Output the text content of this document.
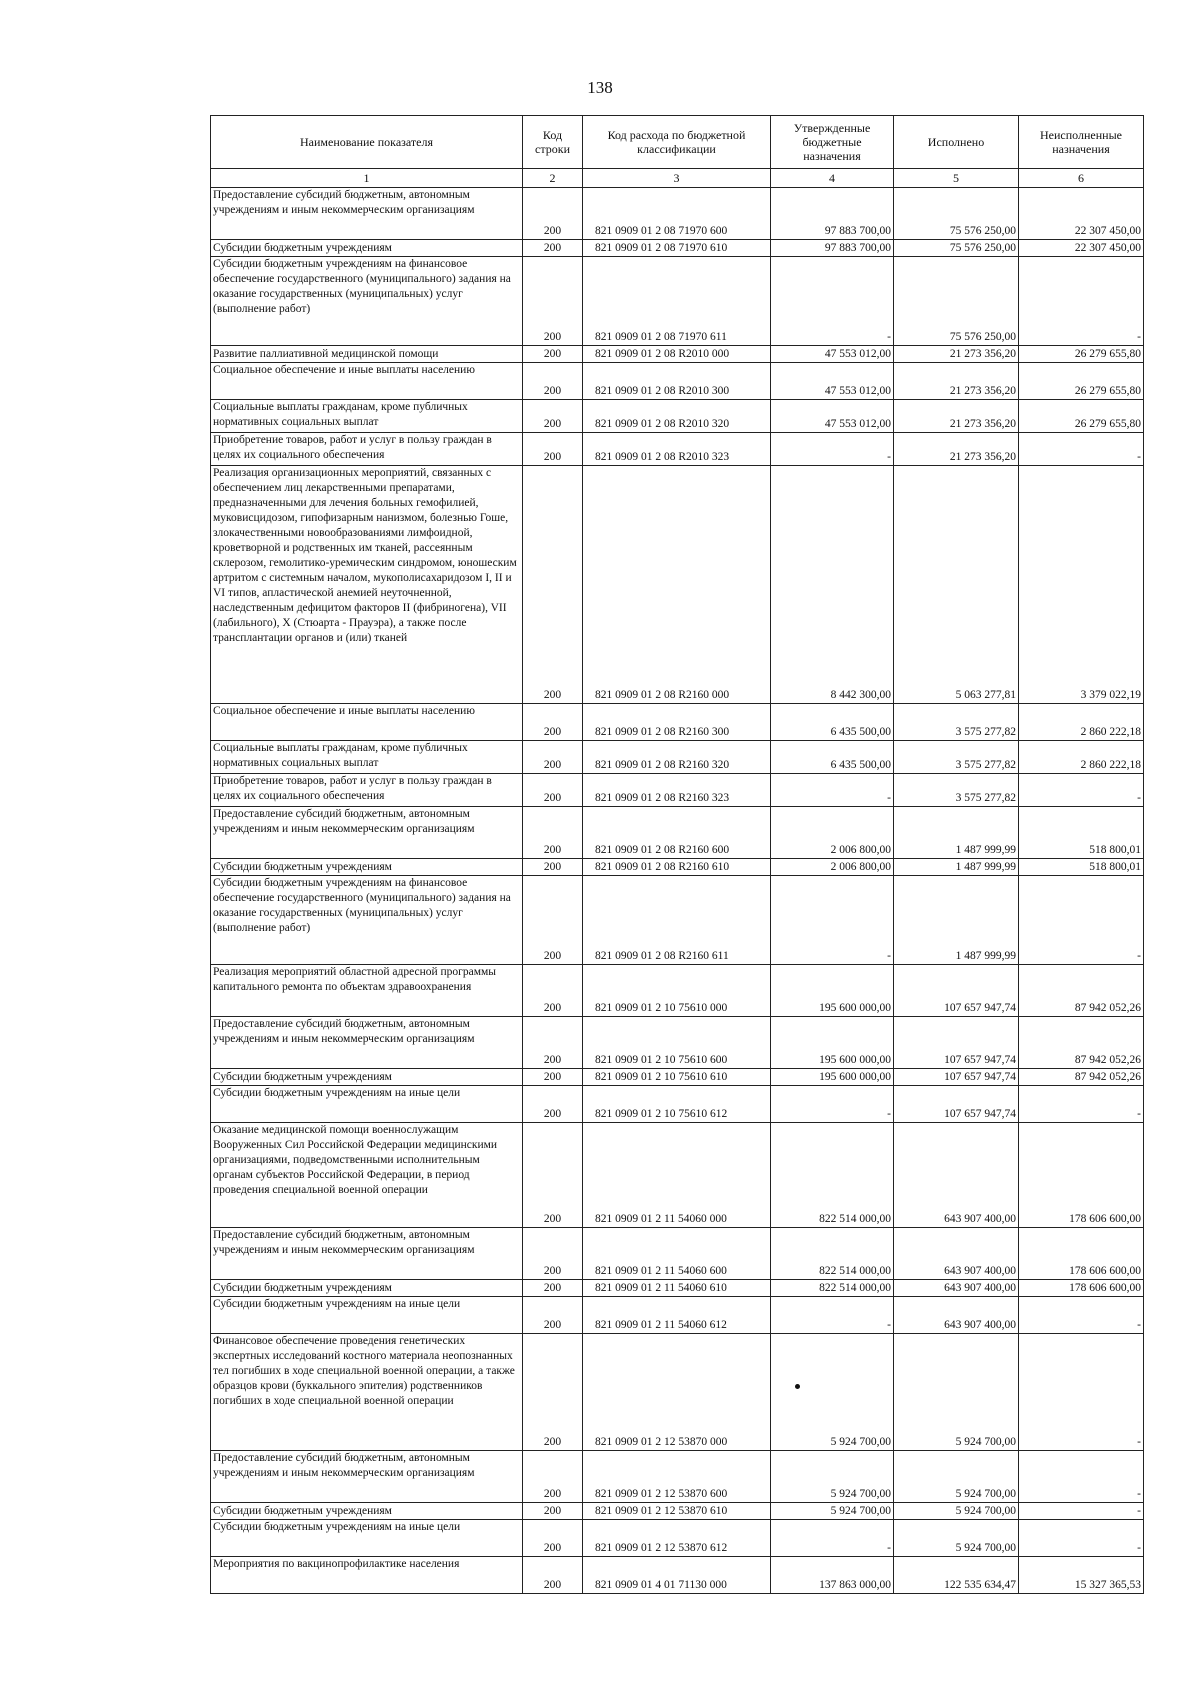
138
Наименование показателя	Код строки	Код расхода по бюджетной классификации	Утвержденные бюджетные назначения	Исполнено	Неисполненные назначения
1	2	3	4	5	6
Предоставление субсидий бюджетным, автономным учреждениям и иным некоммерческим организациям	200	821 0909 01 2 08 71970 600	97 883 700,00	75 576 250,00	22 307 450,00
Субсидии бюджетным учреждениям	200	821 0909 01 2 08 71970 610	97 883 700,00	75 576 250,00	22 307 450,00
Субсидии бюджетным учреждениям на финансовое обеспечение государственного (муниципального) задания на оказание государственных (муниципальных) услуг (выполнение работ)	200	821 0909 01 2 08 71970 611	-	75 576 250,00	-
Развитие паллиативной медицинской помощи	200	821 0909 01 2 08 R2010 000	47 553 012,00	21 273 356,20	26 279 655,80
Социальное обеспечение и иные выплаты населению	200	821 0909 01 2 08 R2010 300	47 553 012,00	21 273 356,20	26 279 655,80
Социальные выплаты гражданам, кроме публичных нормативных социальных выплат	200	821 0909 01 2 08 R2010 320	47 553 012,00	21 273 356,20	26 279 655,80
Приобретение товаров, работ и услуг в пользу граждан в целях их социального обеспечения	200	821 0909 01 2 08 R2010 323	-	21 273 356,20	-
Реализация организационных мероприятий, связанных с обеспечением лиц лекарственными препаратами, предназначенными для лечения больных гемофилией, муковисцидозом, гипофизарным нанизмом, болезнью Гоше, злокачественными новообразованиями лимфоидной, кроветворной и родственных им тканей, рассеянным склерозом, гемолитико-уремическим синдромом, юношеским артритом с системным началом, мукополисахаридозом I, II и VI типов, апластической анемией неуточненной, наследственным дефицитом факторов II (фибриногена), VII (лабильного), X (Стюарта - Прауэра), а также после трансплантации органов и (или) тканей	200	821 0909 01 2 08 R2160 000	8 442 300,00	5 063 277,81	3 379 022,19
Социальное обеспечение и иные выплаты населению	200	821 0909 01 2 08 R2160 300	6 435 500,00	3 575 277,82	2 860 222,18
Социальные выплаты гражданам, кроме публичных нормативных социальных выплат	200	821 0909 01 2 08 R2160 320	6 435 500,00	3 575 277,82	2 860 222,18
Приобретение товаров, работ и услуг в пользу граждан в целях их социального обеспечения	200	821 0909 01 2 08 R2160 323	-	3 575 277,82	-
Предоставление субсидий бюджетным, автономным учреждениям и иным некоммерческим организациям	200	821 0909 01 2 08 R2160 600	2 006 800,00	1 487 999,99	518 800,01
Субсидии бюджетным учреждениям	200	821 0909 01 2 08 R2160 610	2 006 800,00	1 487 999,99	518 800,01
Субсидии бюджетным учреждениям на финансовое обеспечение государственного (муниципального) задания на оказание государственных (муниципальных) услуг (выполнение работ)	200	821 0909 01 2 08 R2160 611	-	1 487 999,99	-
Реализация мероприятий областной адресной программы капитального ремонта по объектам здравоохранения	200	821 0909 01 2 10 75610 000	195 600 000,00	107 657 947,74	87 942 052,26
Предоставление субсидий бюджетным, автономным учреждениям и иным некоммерческим организациям	200	821 0909 01 2 10 75610 600	195 600 000,00	107 657 947,74	87 942 052,26
Субсидии бюджетным учреждениям	200	821 0909 01 2 10 75610 610	195 600 000,00	107 657 947,74	87 942 052,26
Субсидии бюджетным учреждениям на иные цели	200	821 0909 01 2 10 75610 612	-	107 657 947,74	-
Оказание медицинской помощи военнослужащим Вооруженных Сил Российской Федерации медицинскими организациями, подведомственными исполнительным органам субъектов Российской Федерации, в период проведения специальной военной операции	200	821 0909 01 2 11 54060 000	822 514 000,00	643 907 400,00	178 606 600,00
Предоставление субсидий бюджетным, автономным учреждениям и иным некоммерческим организациям	200	821 0909 01 2 11 54060 600	822 514 000,00	643 907 400,00	178 606 600,00
Субсидии бюджетным учреждениям	200	821 0909 01 2 11 54060 610	822 514 000,00	643 907 400,00	178 606 600,00
Субсидии бюджетным учреждениям на иные цели	200	821 0909 01 2 11 54060 612	-	643 907 400,00	-
Финансовое обеспечение проведения генетических экспертных исследований костного материала неопознанных тел погибших в ходе специальной военной операции, а также образцов крови (буккального эпителия) родственников погибших в ходе специальной военной операции	200	821 0909 01 2 12 53870 000	5 924 700,00	5 924 700,00	-
Предоставление субсидий бюджетным, автономным учреждениям и иным некоммерческим организациям	200	821 0909 01 2 12 53870 600	5 924 700,00	5 924 700,00	-
Субсидии бюджетным учреждениям	200	821 0909 01 2 12 53870 610	5 924 700,00	5 924 700,00	-
Субсидии бюджетным учреждениям на иные цели	200	821 0909 01 2 12 53870 612	-	5 924 700,00	-
Мероприятия по вакцинопрофилактике населения	200	821 0909 01 4 01 71130 000	137 863 000,00	122 535 634,47	15 327 365,53
